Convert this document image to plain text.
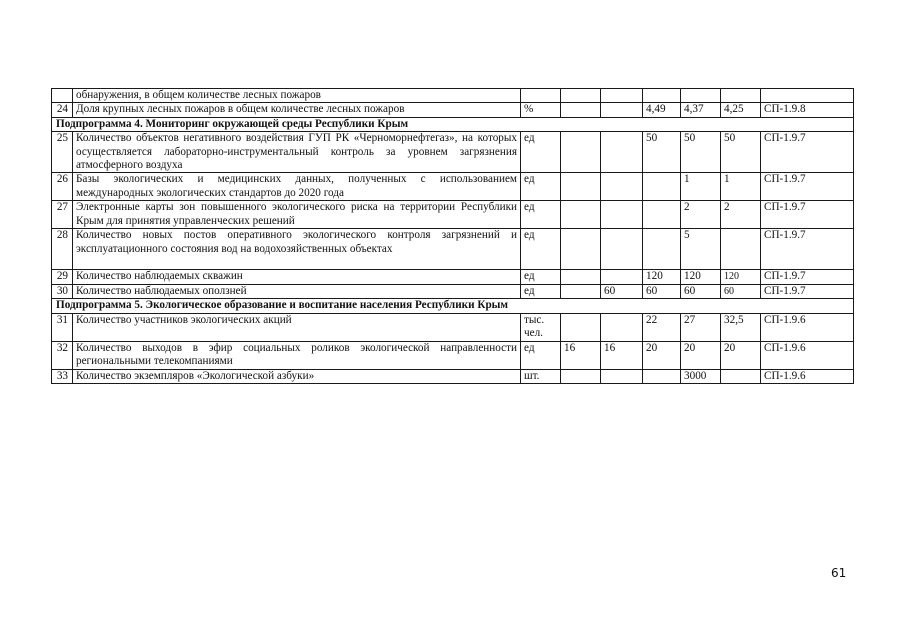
	обнаружения, в общем количестве лесных пожаров							
24	Доля крупных лесных пожаров в общем количестве лесных пожаров	%			4,49	4,37	4,25	СП-1.9.8
Подпрограмма 4. Мониторинг окружающей среды Республики Крым								
25	Количество объектов негативного воздействия ГУП РК «Черноморнефтегаз», на которых осуществляется лабораторно-инструментальный контроль за уровнем загрязнения атмосферного воздуха	ед			50	50	50	СП-1.9.7
26	Базы экологических и медицинских данных, полученных с использованием международных экологических стандартов до 2020 года	ед				1	1	СП-1.9.7
27	Электронные карты зон повышенного экологического риска на территории Республики Крым для принятия управленческих решений	ед				2	2	СП-1.9.7
28	Количество новых постов оперативного экологического контроля загрязнений и эксплуатационного состояния вод на водохозяйственных объектах	ед				5		СП-1.9.7
29	Количество наблюдаемых скважин	ед			120	120	120	СП-1.9.7
30	Количество наблюдаемых оползней	ед		60	60	60	60	СП-1.9.7
Подпрограмма 5. Экологическое образование и воспитание населения Республики Крым								
31	Количество участников экологических акций	тыс. чел.			22	27	32,5	СП-1.9.6
32	Количество выходов в эфир социальных роликов экологической направленности региональными телекомпаниями	ед	16	16	20	20	20	СП-1.9.6
33	Количество экземпляров «Экологической азбуки»	шт.				3000		СП-1.9.6
61
